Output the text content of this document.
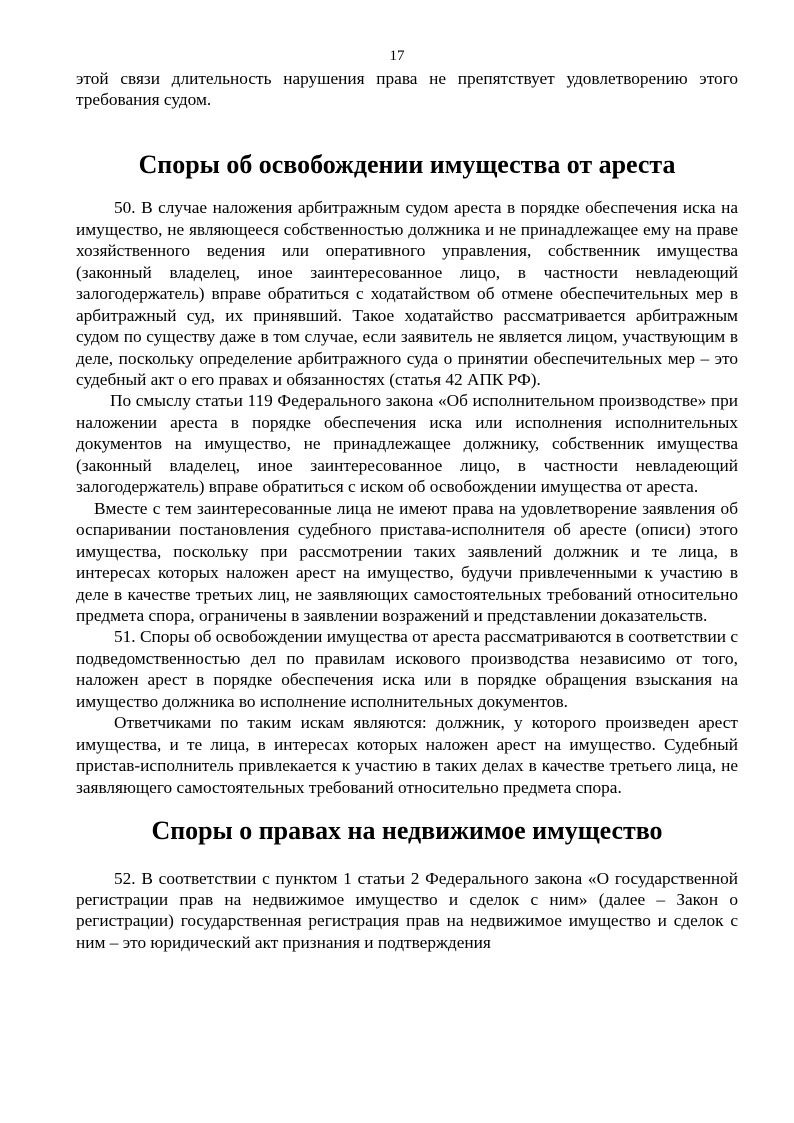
17

этой связи длительность нарушения права не препятствует удовлетворению этого требования судом.

Споры об освобождении имущества от ареста

50. В случае наложения арбитражным судом ареста в порядке обеспечения иска на имущество, не являющееся собственностью должника и не принадлежащее ему на праве хозяйственного ведения или оперативного управления, собственник имущества (законный владелец, иное заинтересованное лицо, в частности невладеющий залогодержатель) вправе обратиться с ходатайством об отмене обеспечительных мер в арбитражный суд, их принявший. Такое ходатайство рассматривается арбитражным судом по существу даже в том случае, если заявитель не является лицом, участвующим в деле, поскольку определение арбитражного суда о принятии обеспечительных мер – это судебный акт о его правах и обязанностях (статья 42 АПК РФ).

По смыслу статьи 119 Федерального закона «Об исполнительном производстве» при наложении ареста в порядке обеспечения иска или исполнения исполнительных документов на имущество, не принадлежащее должнику, собственник имущества (законный владелец, иное заинтересованное лицо, в частности невладеющий залогодержатель) вправе обратиться с иском об освобождении имущества от ареста.

Вместе с тем заинтересованные лица не имеют права на удовлетворение заявления об оспаривании постановления судебного пристава-исполнителя об аресте (описи) этого имущества, поскольку при рассмотрении таких заявлений должник и те лица, в интересах которых наложен арест на имущество, будучи привлеченными к участию в деле в качестве третьих лиц, не заявляющих самостоятельных требований относительно предмета спора, ограничены в заявлении возражений и представлении доказательств.

51. Споры об освобождении имущества от ареста рассматриваются в соответствии с подведомственностью дел по правилам искового производства независимо от того, наложен арест в порядке обеспечения иска или в порядке обращения взыскания на имущество должника во исполнение исполнительных документов.

Ответчиками по таким искам являются: должник, у которого произведен арест имущества, и те лица, в интересах которых наложен арест на имущество. Судебный пристав-исполнитель привлекается к участию в таких делах в качестве третьего лица, не заявляющего самостоятельных требований относительно предмета спора.

Споры о правах на недвижимое имущество

52. В соответствии с пунктом 1 статьи 2 Федерального закона «О государственной регистрации прав на недвижимое имущество и сделок с ним» (далее – Закон о регистрации) государственная регистрация прав на недвижимое имущество и сделок с ним – это юридический акт признания и подтверждения
